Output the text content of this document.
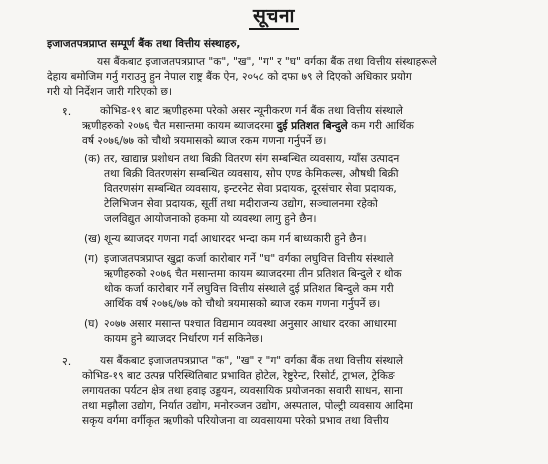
सूचना
इजाजतपत्रप्राप्त सम्पूर्ण बैंक तथा वित्तीय संस्थाहरु,
यस बैंकबाट इजाजतपत्रप्राप्त "क", "ख", "ग" र "घ" वर्गका बैंक तथा वित्तीय संस्थाहरूले
देहाय बमोजिम गर्नु गराउनु हुन नेपाल राष्ट्र बैंक ऐन, २०५८ को दफा ७९ ले दिएको अधिकार प्रयोग
गरी यो निर्देशन जारी गरिएको छ।
१.	कोभिड-१९ बाट ऋणीहरुमा परेको असर न्यूनीकरण गर्न बैंक तथा वित्तीय संस्थाले
ऋणीहरुको २०७६ चैत मसान्तमा कायम ब्याजदरमा दुई प्रतिशत बिन्दुले कम गरी आर्थिक
वर्ष २०७६/७७ को चौथो त्रयमासको ब्याज रकम गणना गर्नुपर्ने छ।
(क) तर, खाद्यान्न प्रशोधन तथा बिक्री वितरण संग सम्बन्धित व्यवसाय, ग्याँस उत्पादन
तथा बिक्री वितरणसंग सम्बन्धित व्यवसाय, सोप एण्ड केमिकल्स, औषधी बिक्री
वितरणसंग सम्बन्धित व्यवसाय, इन्टरनेट सेवा प्रदायक, दूरसंचार सेवा प्रदायक,
टेलिभिजन सेवा प्रदायक, सूर्ती तथा मदीराजन्य उद्योग, सञ्चालनमा रहेको
जलविद्युत आयोजनाको हकमा यो व्यवस्था लागु हुने छैन।
(ख) शून्य ब्याजदर गणना गर्दा आधारदर भन्दा कम गर्न बाध्यकारी हुने छैन।
(ग) इजाजतपत्रप्राप्त खुद्रा कर्जा कारोबार गर्ने "घ" वर्गका लघुवित्त वित्तीय संस्थाले
ऋणीहरुको २०७६ चैत मसान्तमा कायम ब्याजदरमा तीन प्रतिशत बिन्दुले र थोक
थोक कर्जा कारोबार गर्ने लघुवित्त वित्तीय संस्थाले दुई प्रतिशत बिन्दुले कम गरी
आर्थिक वर्ष २०७६/७७ को चौथो त्रयमासको ब्याज रकम गणना गर्नुपर्ने छ।
(घ) २०७७ असार मसान्त पश्चात विद्यमान व्यवस्था अनुसार आधार दरका आधारमा
कायम हुने ब्याजदर निर्धारण गर्न सकिनेछ।
२.	यस बैंकबाट इजाजतपत्रप्राप्त "क", "ख" र "ग" वर्गका बैंक तथा वित्तीय संस्थाले
कोभिड-१९ बाट उत्पन्न परिस्थितिबाट प्रभावित होटेल, रेष्टुरेन्ट, रिसोर्ट, ट्राभल, ट्रेकिङ
लगायतका पर्यटन क्षेत्र तथा हवाइ उड्डयन, व्यवसायिक प्रयोजनका सवारी साधन, साना
तथा मझौला उद्योग, निर्यात उद्योग, मनोरञ्जन उद्योग, अस्पताल, पोल्ट्री व्यवसाय आदिमा
सकृय वर्गमा वर्गीकृत ऋणीको परियोजना वा व्यवसायमा परेको प्रभाव तथा वित्तीय
